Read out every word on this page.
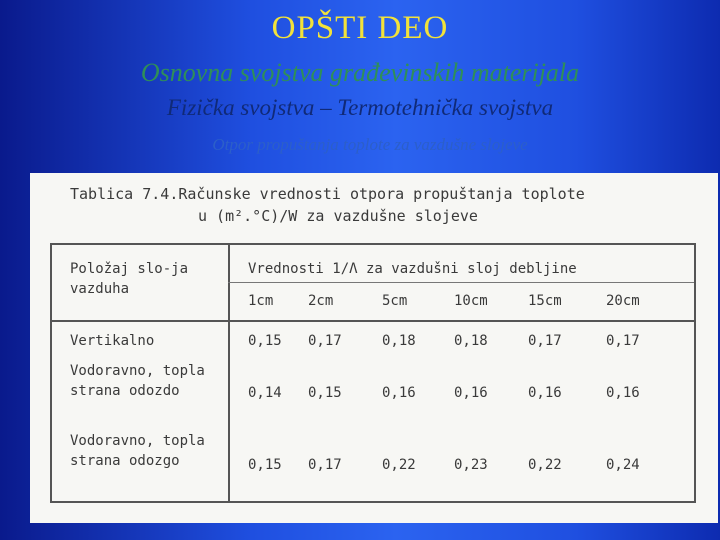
OPŠTI DEO
Osnovna svojstva građevinskih materijala
Fizička svojstva – Termotehnička svojstva
Otpor propuštanja toplote za vazdušne slojeve
Tablica 7.4.Računske vrednosti otpora propuštanja toplote
u (m².°C)/W za vazdušne slojeve
Položaj slo-ja vazduha
Vrednosti 1/Λ za vazdušni sloj debljine
1cm 2cm	5cm	10cm	15cm	20cm
Vertikalno	0,15 0,17	0,18	0,18	0,17	0,17
Vodoravno, topla strana odozdo	0,14 0,15	0,16	0,16	0,16	0,16
Vodoravno, topla strana odozgo	0,15 0,17	0,22	0,23	0,22	0,24
